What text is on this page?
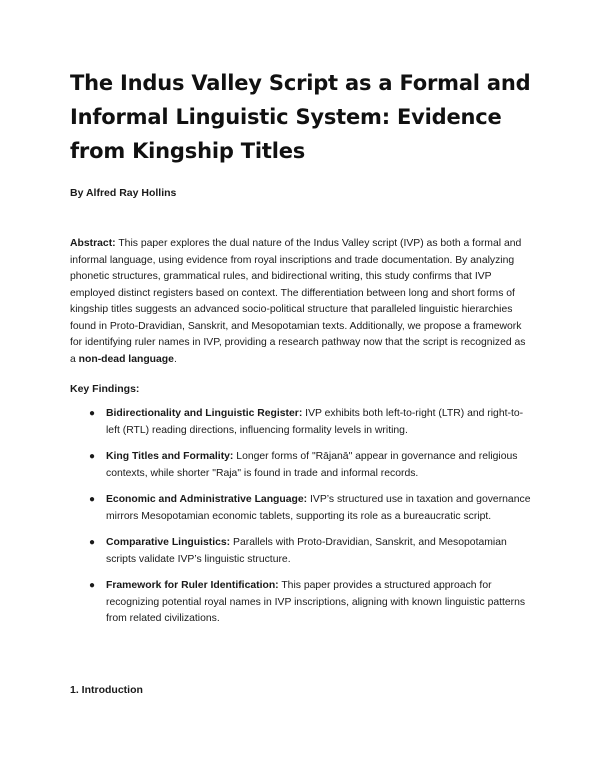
The Indus Valley Script as a Formal and Informal Linguistic System: Evidence from Kingship Titles
By Alfred Ray Hollins

Abstract: This paper explores the dual nature of the Indus Valley script (IVP) as both a formal and informal language, using evidence from royal inscriptions and trade documentation. By analyzing phonetic structures, grammatical rules, and bidirectional writing, this study confirms that IVP employed distinct registers based on context. The differentiation between long and short forms of kingship titles suggests an advanced socio-political structure that paralleled linguistic hierarchies found in Proto-Dravidian, Sanskrit, and Mesopotamian texts. Additionally, we propose a framework for identifying ruler names in IVP, providing a research pathway now that the script is recognized as a non-dead language.

Key Findings:
● Bidirectionality and Linguistic Register: IVP exhibits both left-to-right (LTR) and right-to-left (RTL) reading directions, influencing formality levels in writing.
● King Titles and Formality: Longer forms of "Rājanā" appear in governance and religious contexts, while shorter "Raja" is found in trade and informal records.
● Economic and Administrative Language: IVP’s structured use in taxation and governance mirrors Mesopotamian economic tablets, supporting its role as a bureaucratic script.
● Comparative Linguistics: Parallels with Proto-Dravidian, Sanskrit, and Mesopotamian scripts validate IVP’s linguistic structure.
● Framework for Ruler Identification: This paper provides a structured approach for recognizing potential royal names in IVP inscriptions, aligning with known linguistic patterns from related civilizations.
1. Introduction
